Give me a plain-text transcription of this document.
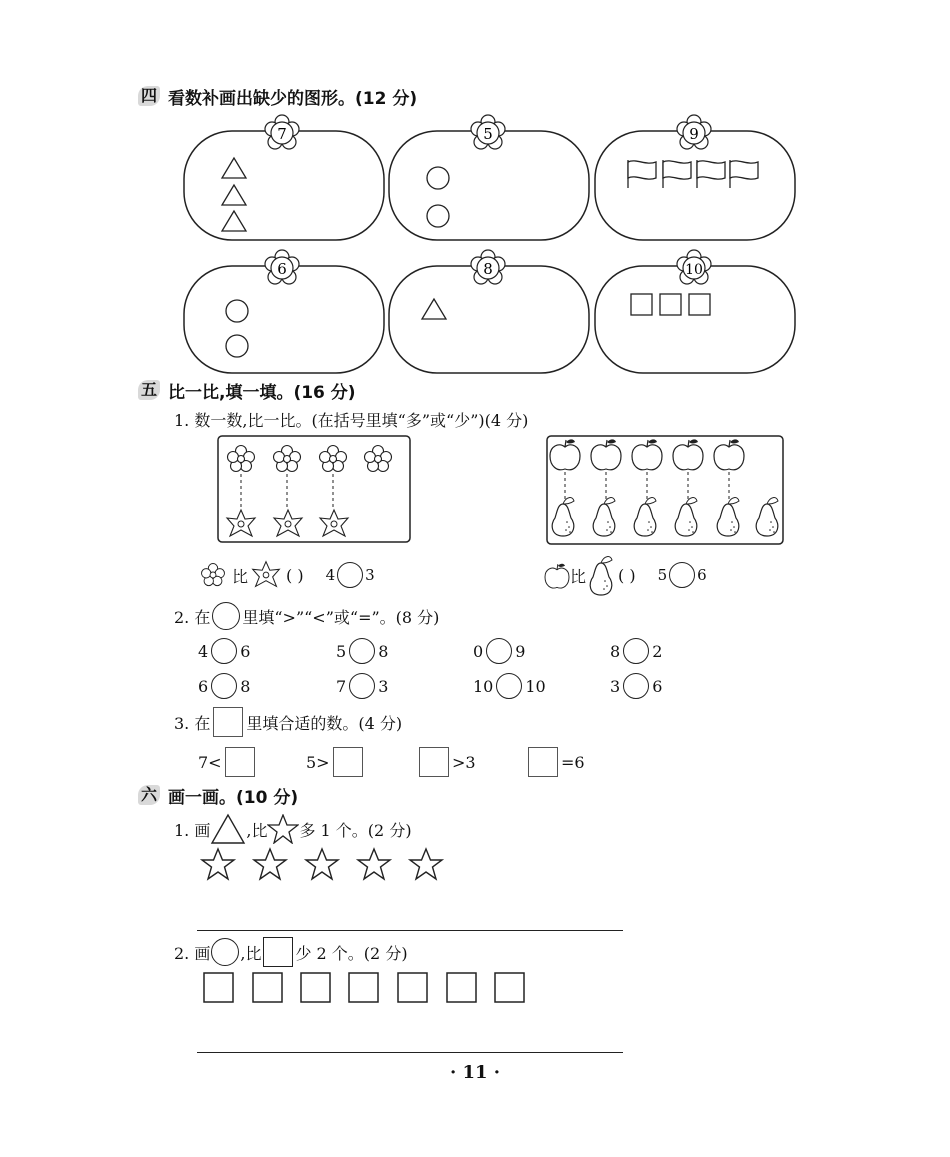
四 看数补画出缺少的图形。(12 分)
7	5	9
6	8	10
五 比一比,填一填。(16 分)
1. 数一数,比一比。(在括号里填“多”或“少”)(4 分)
比 ( ) 4 3	比 ( ) 5 6
2. 在 里填“>”“<”或“=”。(8 分)
4 6	5 8	0 9	8 2
6 8	7 3	10 10	3 6
3. 在 里填合适的数。(4 分)
7<	5>	>3	=6
六 画一画。(10 分)
1. 画 ,比 多 1 个。(2 分)
2. 画 ,比 少 2 个。(2 分)
· 11 ·
